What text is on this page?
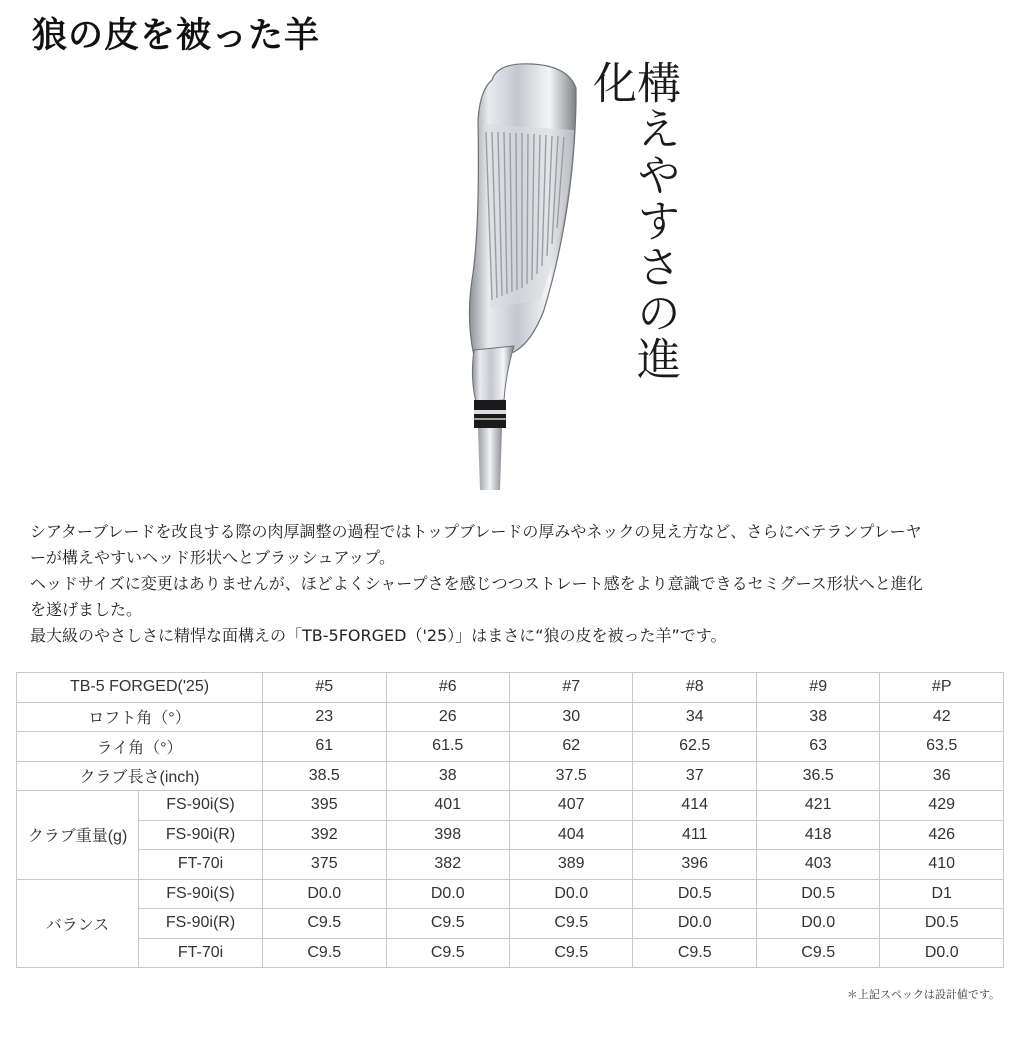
狼の皮を被った羊
構えやすさの進化

シアターブレードを改良する際の肉厚調整の過程ではトップブレードの厚みやネックの見え方など、さらにベテランプレーヤ

ーが構えやすいヘッド形状へとブラッシュアップ。

ヘッドサイズに変更はありませんが、ほどよくシャープさを感じつつストレート感をより意識できるセミグース形状へと進化

を遂げました。

最大級のやさしさに精悍な面構えの「TB-5FORGED（'25）」はまさに“狼の皮を被った羊”です。

TB-5 FORGED('25)		#5	#6	#7	#8	#9	#P
ロフト角（°）		23	26	30	34	38	42
ライ角（°）		61	61.5	62	62.5	63	63.5
クラブ長さ(inch)		38.5	38	37.5	37	36.5	36
クラブ重量(g)	FS-90i(S)	395	401	407	414	421	429
	FS-90i(R)	392	398	404	411	418	426
	FT-70i	375	382	389	396	403	410
バランス	FS-90i(S)	D0.0	D0.0	D0.0	D0.5	D0.5	D1
	FS-90i(R)	C9.5	C9.5	C9.5	D0.0	D0.0	D0.5
	FT-70i	C9.5	C9.5	C9.5	C9.5	C9.5	D0.0
＊上記スペックは設計値です。
